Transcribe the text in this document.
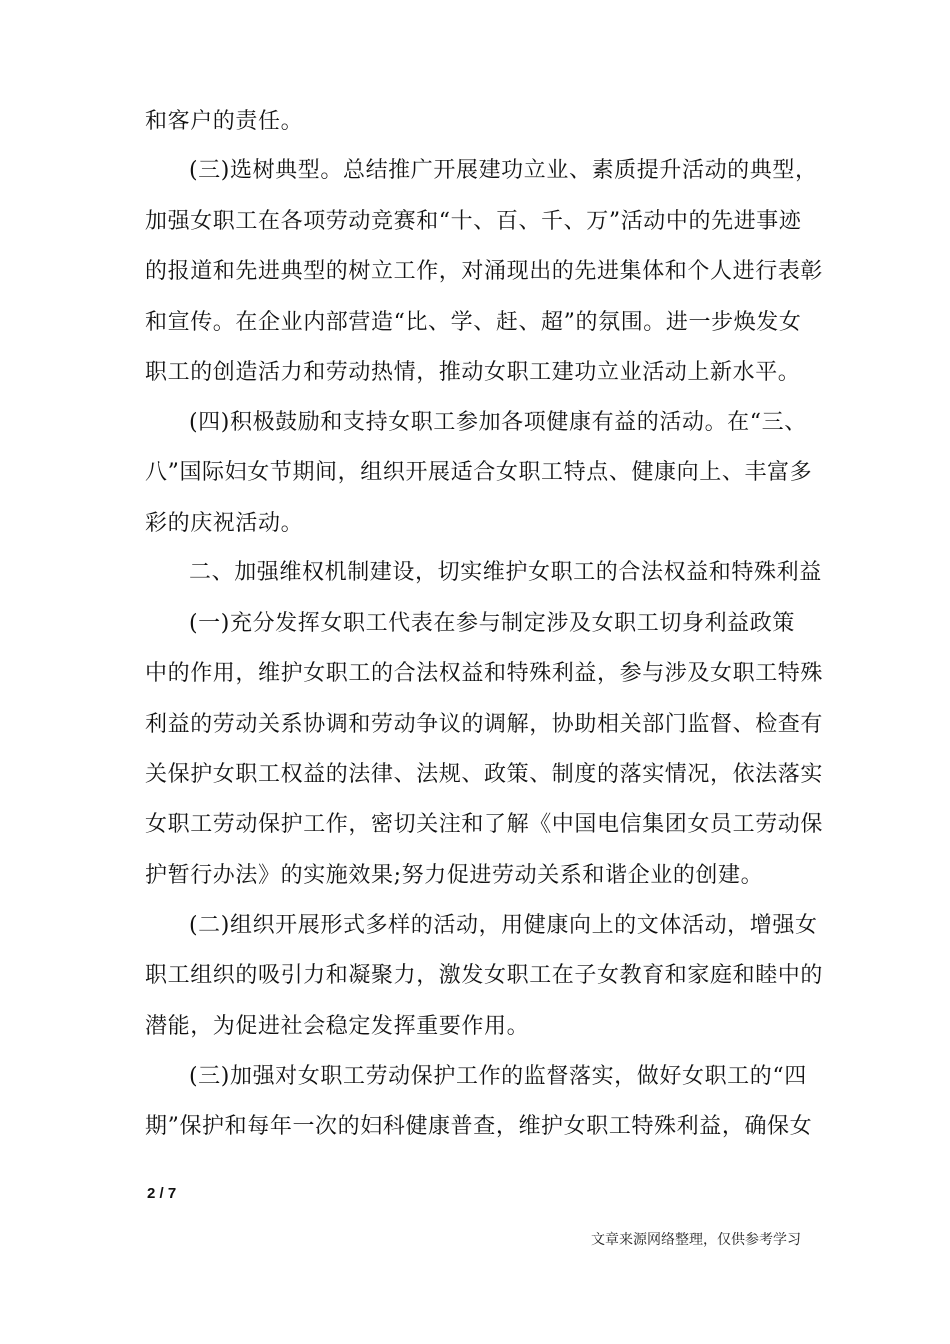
和客户的责任。
(三)选树典型。总结推广开展建功立业、素质提升活动的典型，
加强女职工在各项劳动竞赛和“十、百、千、万”活动中的先进事迹
的报道和先进典型的树立工作，对涌现出的先进集体和个人进行表彰
和宣传。在企业内部营造“比、学、赶、超”的氛围。进一步焕发女
职工的创造活力和劳动热情，推动女职工建功立业活动上新水平。
(四)积极鼓励和支持女职工参加各项健康有益的活动。在“三、
八”国际妇女节期间，组织开展适合女职工特点、健康向上、丰富多
彩的庆祝活动。
二、加强维权机制建设，切实维护女职工的合法权益和特殊利益
(一)充分发挥女职工代表在参与制定涉及女职工切身利益政策
中的作用，维护女职工的合法权益和特殊利益，参与涉及女职工特殊
利益的劳动关系协调和劳动争议的调解，协助相关部门监督、检查有
关保护女职工权益的法律、法规、政策、制度的落实情况，依法落实
女职工劳动保护工作，密切关注和了解《中国电信集团女员工劳动保
护暂行办法》的实施效果;努力促进劳动关系和谐企业的创建。
(二)组织开展形式多样的活动，用健康向上的文体活动，增强女
职工组织的吸引力和凝聚力，激发女职工在子女教育和家庭和睦中的
潜能，为促进社会稳定发挥重要作用。
(三)加强对女职工劳动保护工作的监督落实，做好女职工的“四
期”保护和每年一次的妇科健康普查，维护女职工特殊利益，确保女
2 / 7
文章来源网络整理，仅供参考学习
